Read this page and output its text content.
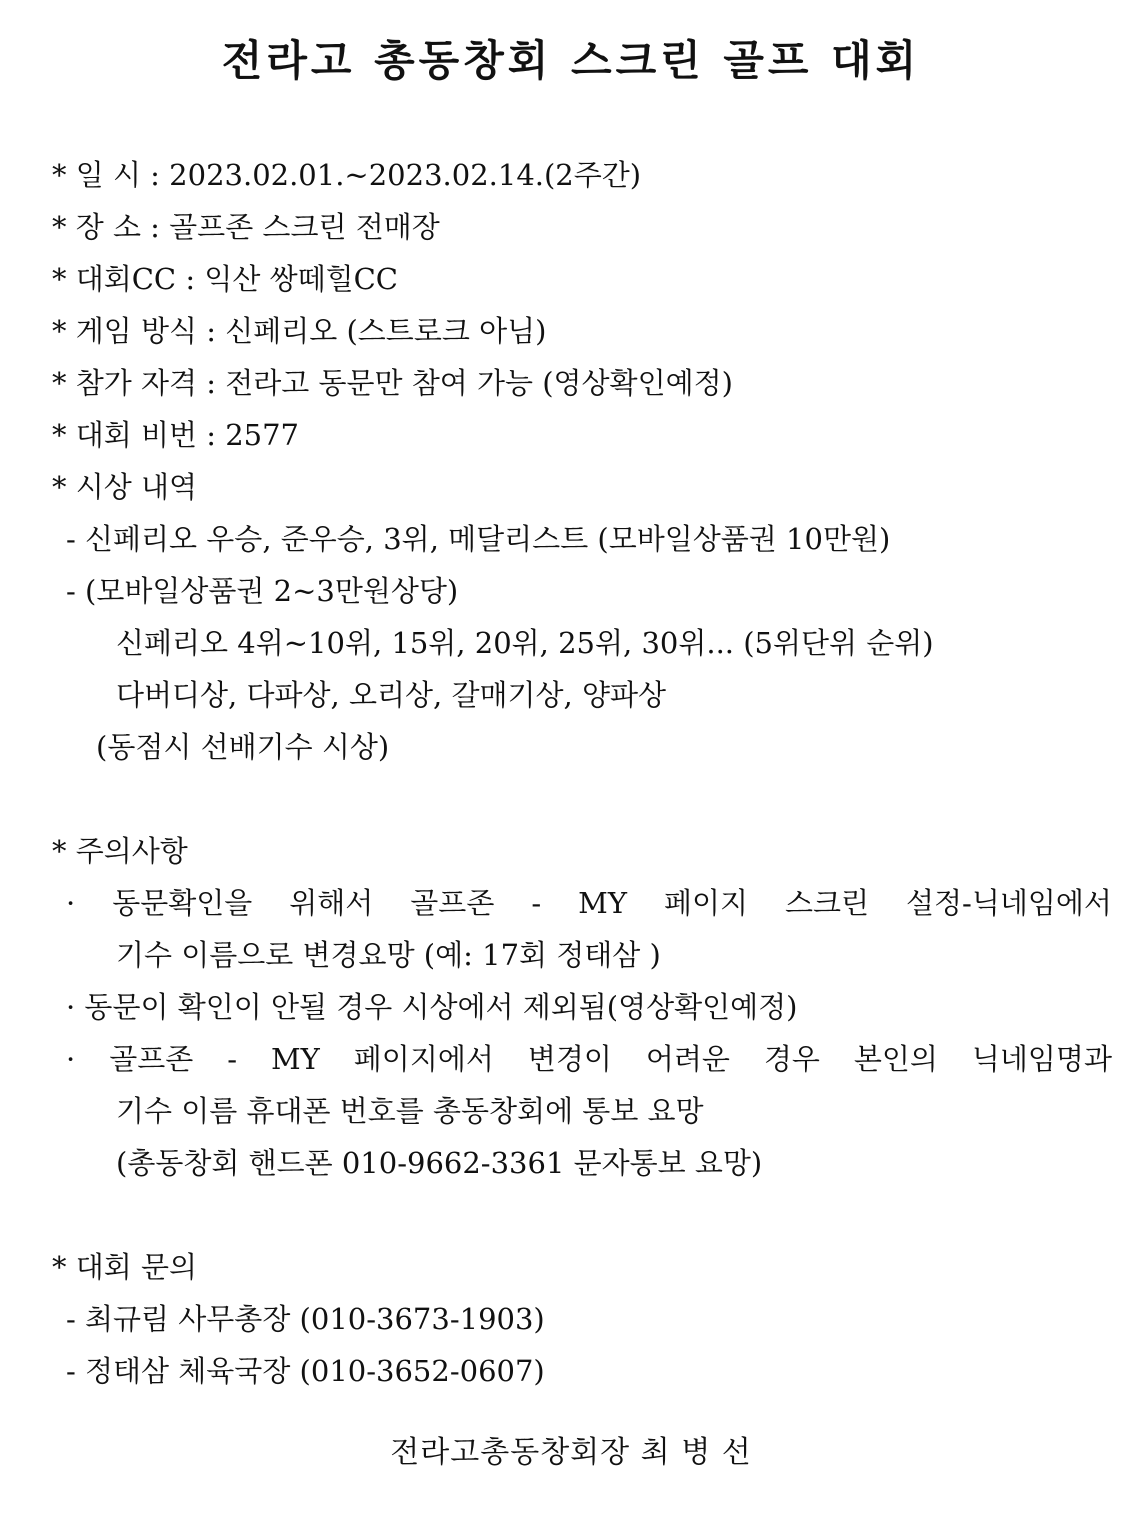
전라고 총동창회 스크린 골프 대회
* 일 시 : 2023.02.01.~2023.02.14.(2주간)
* 장 소 : 골프존 스크린 전매장
* 대회CC : 익산 쌍떼힐CC
* 게임 방식 : 신페리오 (스트로크 아님)
* 참가 자격 : 전라고 동문만 참여 가능 (영상확인예정)
* 대회 비번 : 2577
* 시상 내역
- 신페리오 우승, 준우승, 3위, 메달리스트 (모바일상품권 10만원)
- (모바일상품권 2~3만원상당)
신페리오 4위~10위, 15위, 20위, 25위, 30위... (5위단위 순위)
다버디상, 다파상, 오리상, 갈매기상, 양파상
(동점시 선배기수 시상)
* 주의사항
· 동문확인을 위해서 골프존 - MY 페이지 스크린 설정-닉네임에서
기수 이름으로 변경요망 (예: 17회 정태삼 )
· 동문이 확인이 안될 경우 시상에서 제외됨(영상확인예정)
· 골프존 - MY 페이지에서 변경이 어려운 경우 본인의 닉네임명과
기수 이름 휴대폰 번호를 총동창회에 통보 요망
(총동창회 핸드폰 010-9662-3361 문자통보 요망)
* 대회 문의
- 최규림 사무총장 (010-3673-1903)
- 정태삼 체육국장 (010-3652-0607)
전라고총동창회장 최 병 선
